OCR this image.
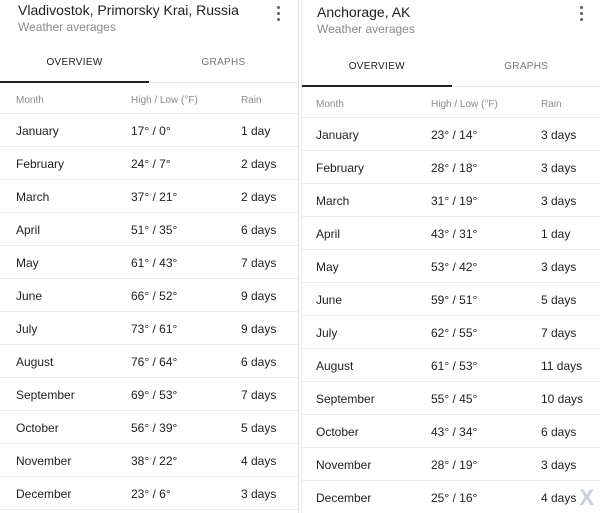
Vladivostok, Primorsky Krai, Russia
Weather averages
OVERVIEW	GRAPHS
Month	High / Low (°F)	Rain
January	17° / 0°	1 day
February	24° / 7°	2 days
March	37° / 21°	2 days
April	51° / 35°	6 days
May	61° / 43°	7 days
June	66° / 52°	9 days
July	73° / 61°	9 days
August	76° / 64°	6 days
September	69° / 53°	7 days
October	56° / 39°	5 days
November	38° / 22°	4 days
December	23° / 6°	3 days
Anchorage, AK
Weather averages
OVERVIEW	GRAPHS
Month	High / Low (°F)	Rain
January	23° / 14°	3 days
February	28° / 18°	3 days
March	31° / 19°	3 days
April	43° / 31°	1 day
May	53° / 42°	3 days
June	59° / 51°	5 days
July	62° / 55°	7 days
August	61° / 53°	11 days
September	55° / 45°	10 days
October	43° / 34°	6 days
November	28° / 19°	3 days
December	25° / 16°	4 days X
